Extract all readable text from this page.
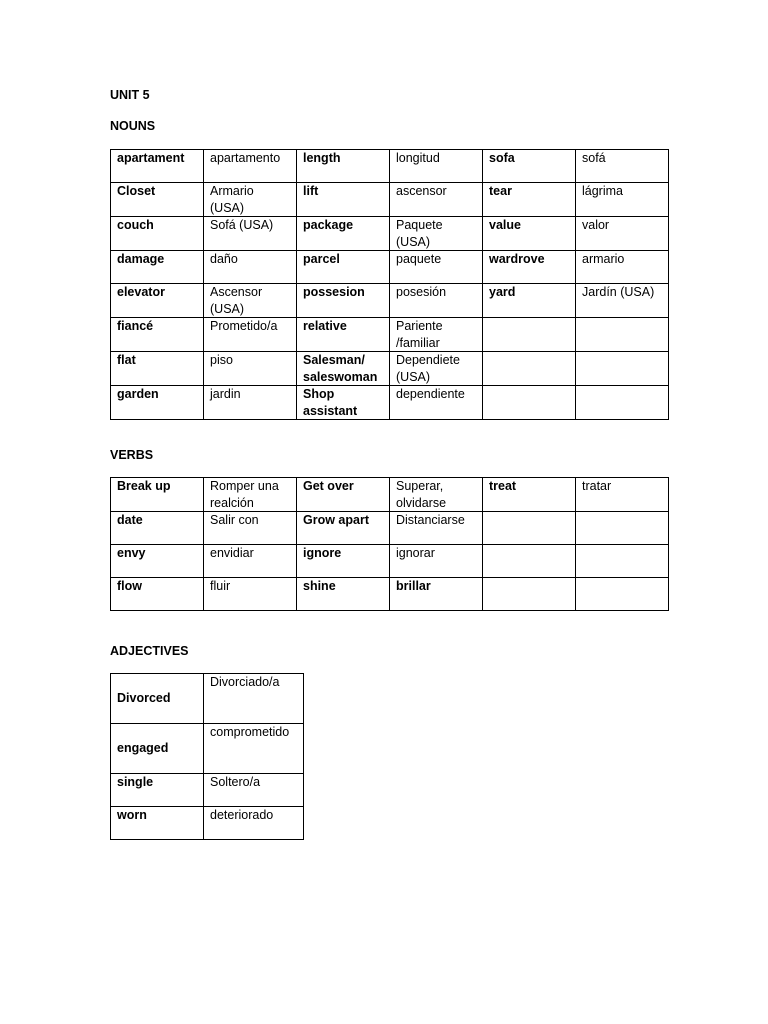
UNIT 5
NOUNS
apartament	apartamento	length	longitud	sofa	sofá
Closet	Armario (USA)	lift	ascensor	tear	lágrima
couch	Sofá (USA)	package	Paquete (USA)	value	valor
damage	daño	parcel	paquete	wardrove	armario
elevator	Ascensor (USA)	possesion	posesión	yard	Jardín (USA)
fiancé	Prometido/a	relative	Pariente /familiar		
flat	piso	Salesman/ saleswoman	Dependiete (USA)		
garden	jardin	Shop assistant	dependiente		
VERBS
Break up	Romper una realción	Get over	Superar, olvidarse	treat	tratar
date	Salir con	Grow apart	Distanciarse		
envy	envidiar	ignore	ignorar		
flow	fluir	shine	brillar		
ADJECTIVES
Divorced	Divorciado/a
engaged	comprometido
single	Soltero/a
worn	deteriorado
